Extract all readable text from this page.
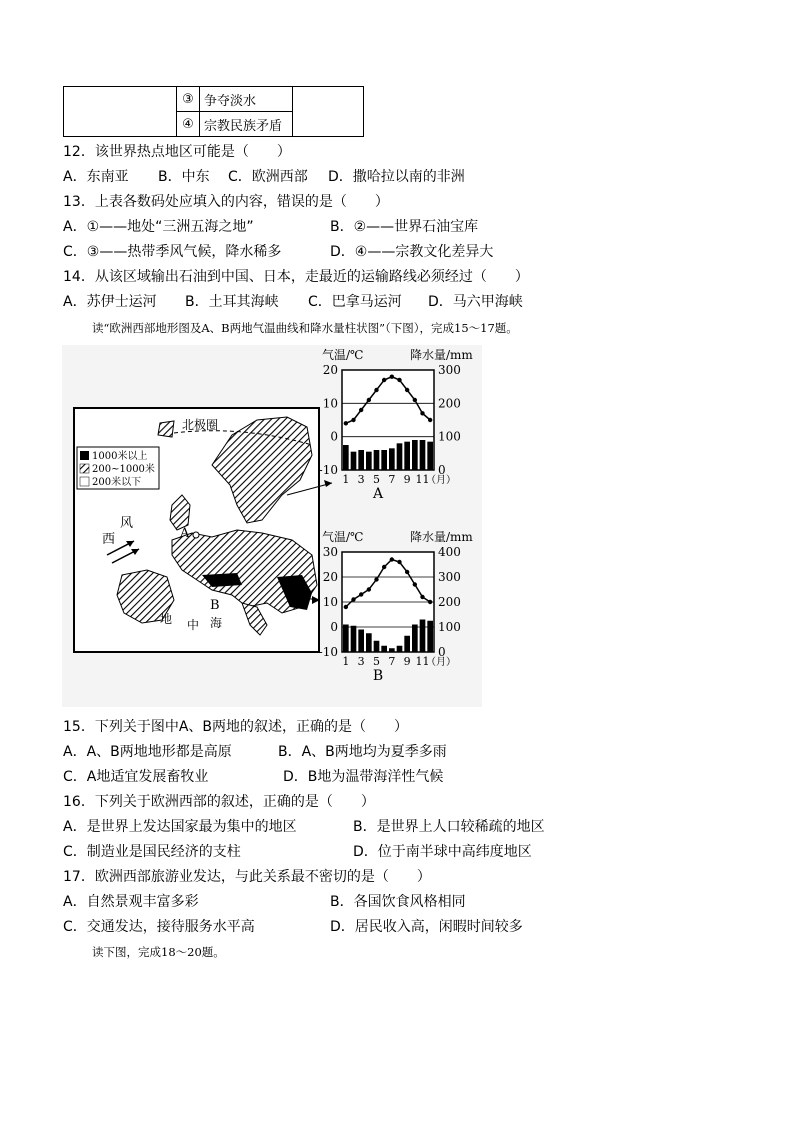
	③	争夺淡水	
	④	宗教民族矛盾	
12．该世界热点地区可能是（　　）
A．东南亚 B．中东 C．欧洲西部 D．撒哈拉以南的非洲
13．上表各数码处应填入的内容，错误的是（　　）
A．①——地处“三洲五海之地”	B．②——世界石油宝库
C．③——热带季风气候，降水稀多	D．④——宗教文化差异大
14．从该区域输出石油到中国、日本，走最近的运输路线必须经过（　　）
A．苏伊士运河 B．土耳其海峡 C．巴拿马运河 D．马六甲海峡
读“欧洲西部地形图及A、B两地气温曲线和降水量柱状图”（下图），完成15～17题。
北极圈
1000米以上
200~1000米
200米以下
风
西	A
B
地 中 海
气温/℃	降水量/mm
20
10
0
-10
300
200
100
0
1 3 5 7 9 11
（月）
A
气温/℃	降水量/mm
30
20
10
0
-10
400
300
200
100
0
1 3 5 7 9 11
（月）
B
15．下列关于图中A、B两地的叙述，正确的是（　　）
A．A、B两地地形都是高原	B．A、B两地均为夏季多雨
C．A地适宜发展畜牧业	D．B地为温带海洋性气候
16．下列关于欧洲西部的叙述，正确的是（　　）
A．是世界上发达国家最为集中的地区	B．是世界上人口较稀疏的地区
C．制造业是国民经济的支柱	D．位于南半球中高纬度地区
17．欧洲西部旅游业发达，与此关系最不密切的是（　　）
A．自然景观丰富多彩	B．各国饮食风格相同
C．交通发达，接待服务水平高	D．居民收入高，闲暇时间较多
读下图，完成18～20题。
